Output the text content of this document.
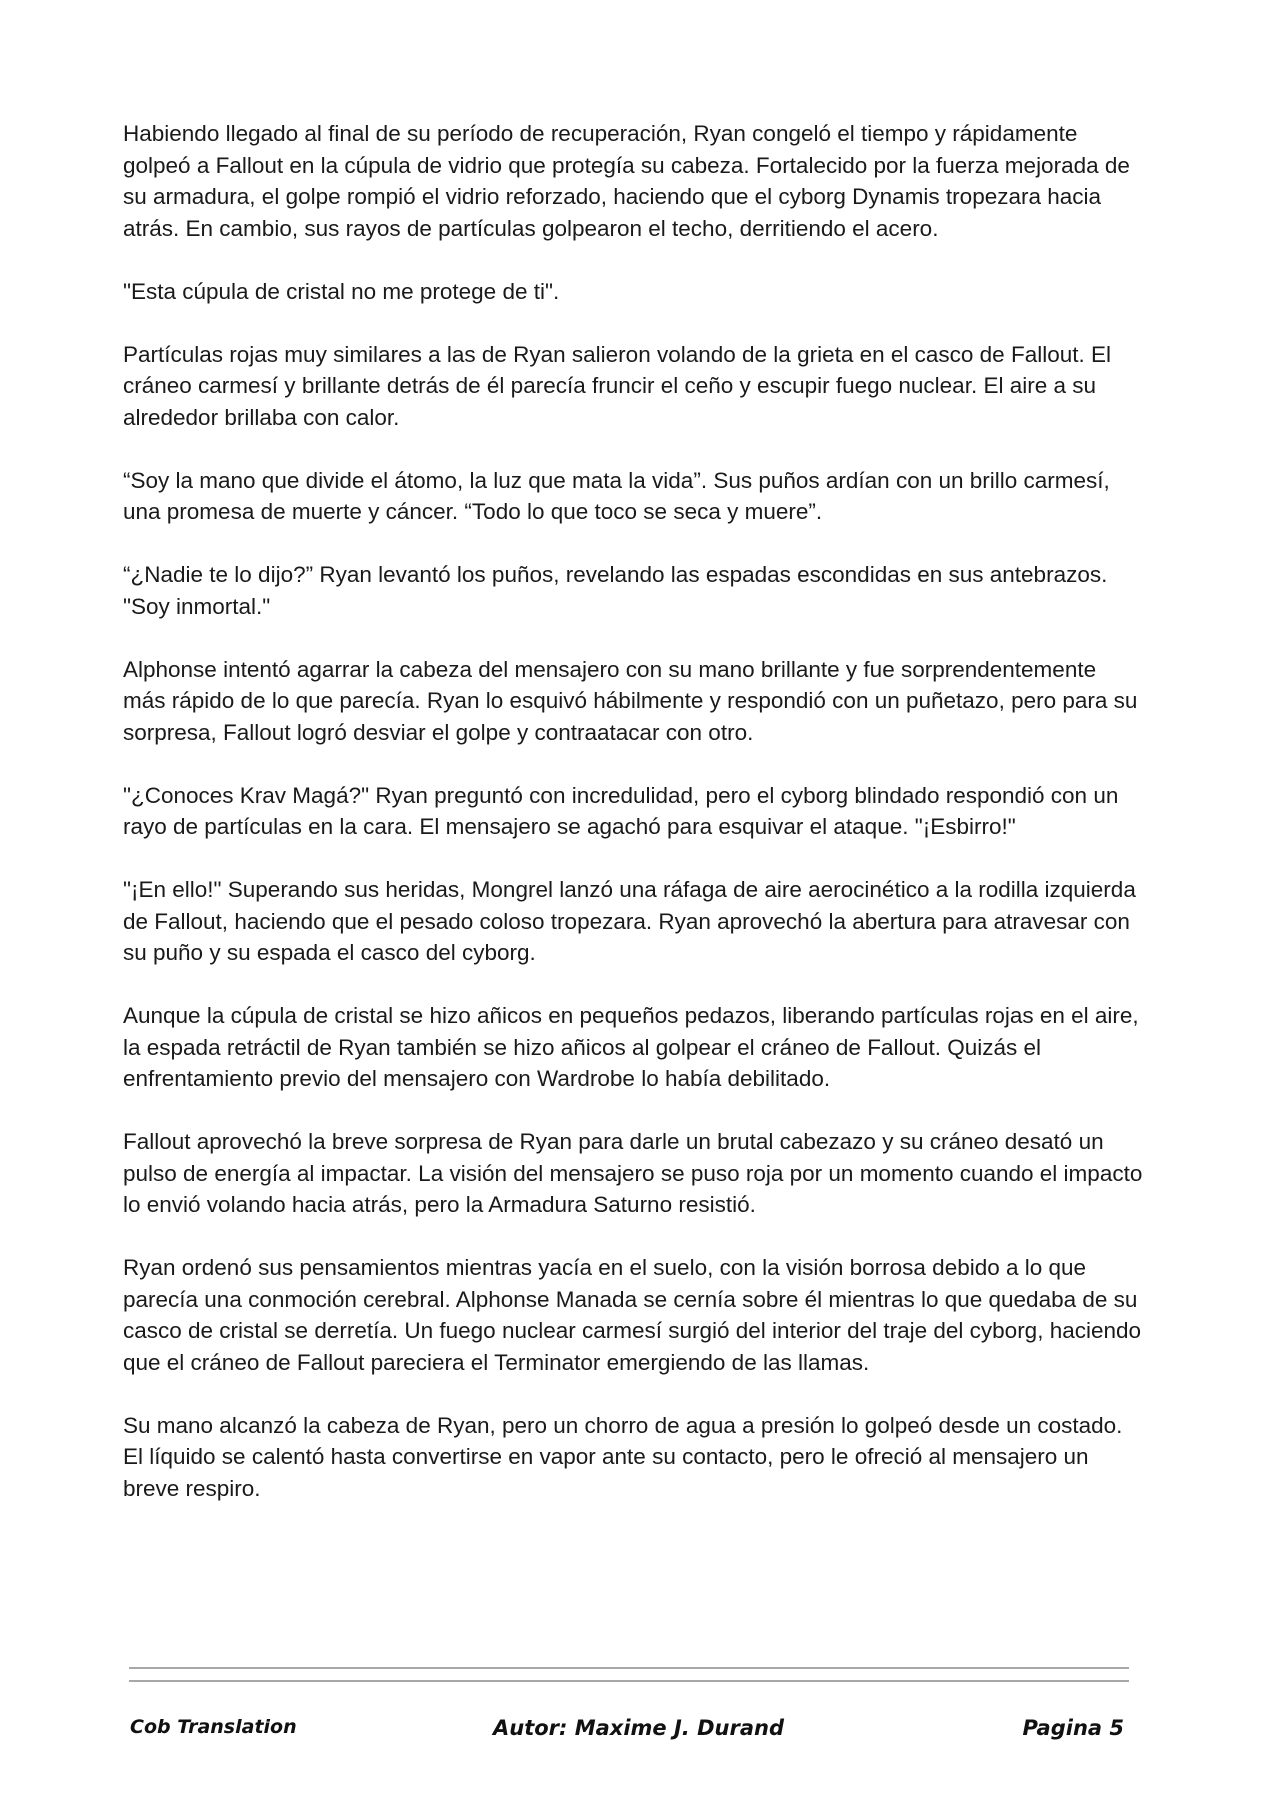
Habiendo llegado al final de su período de recuperación, Ryan congeló el tiempo y rápidamente golpeó a Fallout en la cúpula de vidrio que protegía su cabeza. Fortalecido por la fuerza mejorada de su armadura, el golpe rompió el vidrio reforzado, haciendo que el cyborg Dynamis tropezara hacia atrás. En cambio, sus rayos de partículas golpearon el techo, derritiendo el acero.

"Esta cúpula de cristal no me protege de ti".

Partículas rojas muy similares a las de Ryan salieron volando de la grieta en el casco de Fallout. El cráneo carmesí y brillante detrás de él parecía fruncir el ceño y escupir fuego nuclear. El aire a su alrededor brillaba con calor.

“Soy la mano que divide el átomo, la luz que mata la vida”. Sus puños ardían con un brillo carmesí, una promesa de muerte y cáncer. “Todo lo que toco se seca y muere”.

“¿Nadie te lo dijo?” Ryan levantó los puños, revelando las espadas escondidas en sus antebrazos. "Soy inmortal."

Alphonse intentó agarrar la cabeza del mensajero con su mano brillante y fue sorprendentemente más rápido de lo que parecía. Ryan lo esquivó hábilmente y respondió con un puñetazo, pero para su sorpresa, Fallout logró desviar el golpe y contraatacar con otro.

"¿Conoces Krav Magá?" Ryan preguntó con incredulidad, pero el cyborg blindado respondió con un rayo de partículas en la cara. El mensajero se agachó para esquivar el ataque. "¡Esbirro!"

"¡En ello!" Superando sus heridas, Mongrel lanzó una ráfaga de aire aerocinético a la rodilla izquierda de Fallout, haciendo que el pesado coloso tropezara. Ryan aprovechó la abertura para atravesar con su puño y su espada el casco del cyborg.

Aunque la cúpula de cristal se hizo añicos en pequeños pedazos, liberando partículas rojas en el aire, la espada retráctil de Ryan también se hizo añicos al golpear el cráneo de Fallout. Quizás el enfrentamiento previo del mensajero con Wardrobe lo había debilitado.

Fallout aprovechó la breve sorpresa de Ryan para darle un brutal cabezazo y su cráneo desató un pulso de energía al impactar. La visión del mensajero se puso roja por un momento cuando el impacto lo envió volando hacia atrás, pero la Armadura Saturno resistió.

Ryan ordenó sus pensamientos mientras yacía en el suelo, con la visión borrosa debido a lo que parecía una conmoción cerebral. Alphonse Manada se cernía sobre él mientras lo que quedaba de su casco de cristal se derretía. Un fuego nuclear carmesí surgió del interior del traje del cyborg, haciendo que el cráneo de Fallout pareciera el Terminator emergiendo de las llamas.

Su mano alcanzó la cabeza de Ryan, pero un chorro de agua a presión lo golpeó desde un costado. El líquido se calentó hasta convertirse en vapor ante su contacto, pero le ofreció al mensajero un breve respiro.

Cob Translation	Autor: Maxime J. Durand	Pagina 5
